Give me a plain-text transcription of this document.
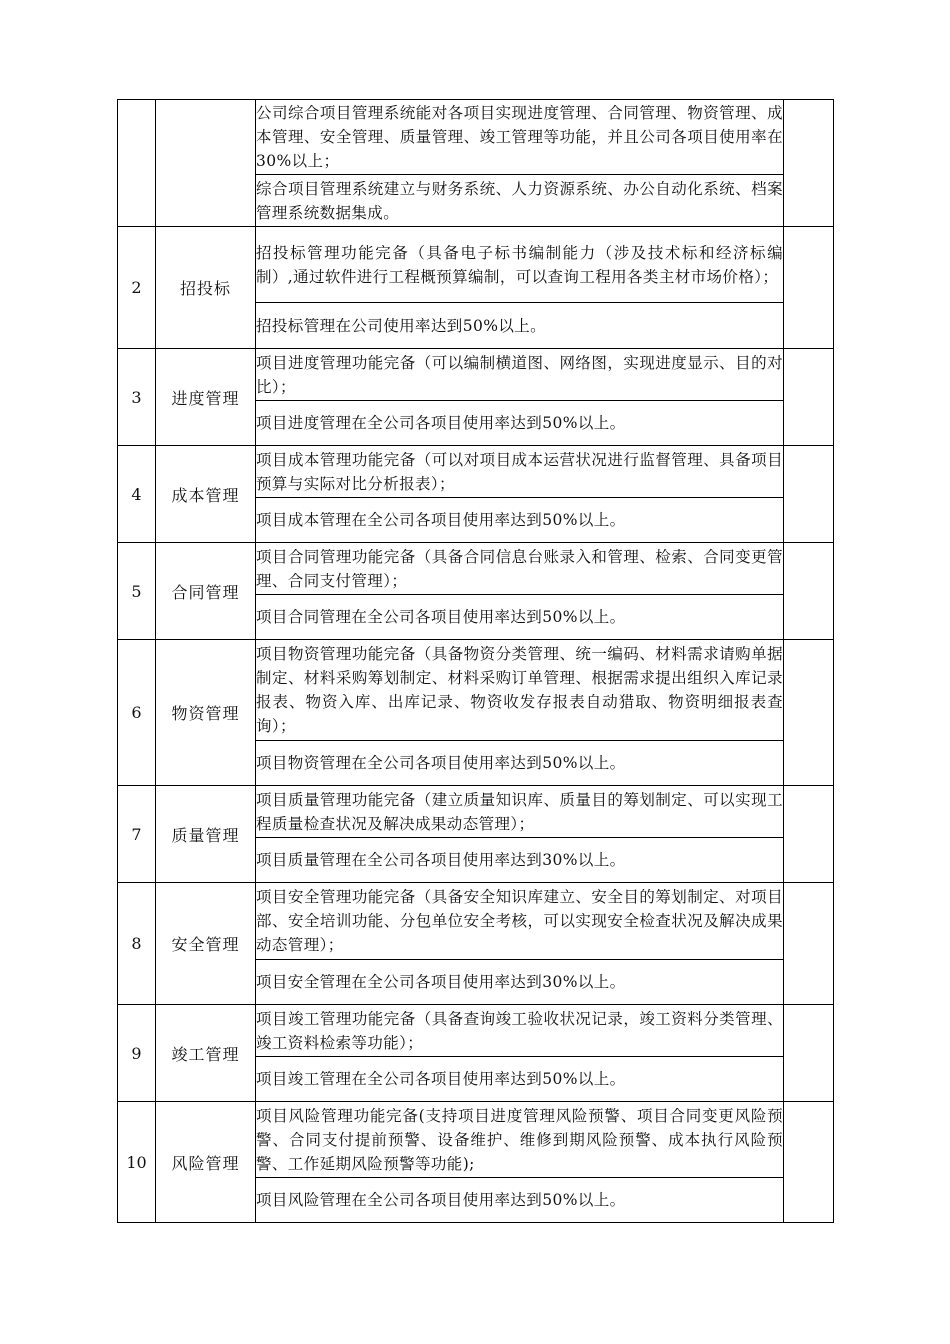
		公司综合项目管理系统能对各项目实现进度管理、合同管理、物资管理、成本管理、安全管理、质量管理、竣工管理等功能，并且公司各项目使用率在30%以上；	
		综合项目管理系统建立与财务系统、人力资源系统、办公自动化系统、档案管理系统数据集成。	
2	招投标	招投标管理功能完备（具备电子标书编制能力（涉及技术标和经济标编制）,通过软件进行工程概预算编制，可以查询工程用各类主材市场价格）；	
		招投标管理在公司使用率达到50%以上。	
3	进度管理	项目进度管理功能完备（可以编制横道图、网络图，实现进度显示、目的对比）；	
		项目进度管理在全公司各项目使用率达到50%以上。	
4	成本管理	项目成本管理功能完备（可以对项目成本运营状况进行监督管理、具备项目预算与实际对比分析报表）；	
		项目成本管理在全公司各项目使用率达到50%以上。	
5	合同管理	项目合同管理功能完备（具备合同信息台账录入和管理、检索、合同变更管理、合同支付管理）；	
		项目合同管理在全公司各项目使用率达到50%以上。	
6	物资管理	项目物资管理功能完备（具备物资分类管理、统一编码、材料需求请购单据制定、材料采购筹划制定、材料采购订单管理、根据需求提出组织入库记录报表、物资入库、出库记录、物资收发存报表自动猎取、物资明细报表查询）；	
		项目物资管理在全公司各项目使用率达到50%以上。	
7	质量管理	项目质量管理功能完备（建立质量知识库、质量目的筹划制定、可以实现工程质量检查状况及解决成果动态管理）；	
		项目质量管理在全公司各项目使用率达到30%以上。	
8	安全管理	项目安全管理功能完备（具备安全知识库建立、安全目的筹划制定、对项目部、安全培训功能、分包单位安全考核，可以实现安全检查状况及解决成果动态管理）；	
		项目安全管理在全公司各项目使用率达到30%以上。	
9	竣工管理	项目竣工管理功能完备（具备查询竣工验收状况记录，竣工资料分类管理、竣工资料检索等功能）；	
		项目竣工管理在全公司各项目使用率达到50%以上。	
10	风险管理	项目风险管理功能完备(支持项目进度管理风险预警、项目合同变更风险预警、合同支付提前预警、设备维护、维修到期风险预警、成本执行风险预警、工作延期风险预警等功能);	
		项目风险管理在全公司各项目使用率达到50%以上。	
